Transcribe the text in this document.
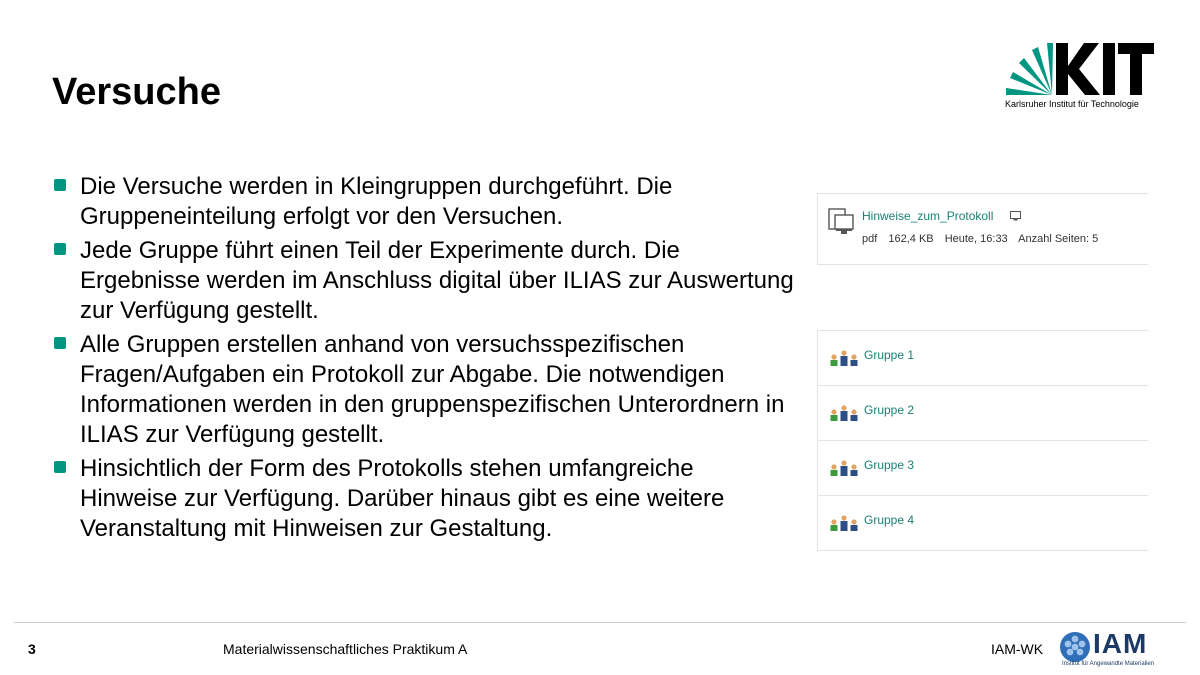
Versuche	Karlsruher Institut für Technologie
Die Versuche werden in Kleingruppen durchgeführt. Die Gruppeneinteilung erfolgt vor den Versuchen.
Jede Gruppe führt einen Teil der Experimente durch. Die Ergebnisse werden im Anschluss digital über ILIAS zur Auswertung zur Verfügung gestellt.
Alle Gruppen erstellen anhand von versuchsspezifischen Fragen/Aufgaben ein Protokoll zur Abgabe. Die notwendigen Informationen werden in den gruppenspezifischen Unterordnern in ILIAS zur Verfügung gestellt.
Hinsichtlich der Form des Protokolls stehen umfangreiche Hinweise zur Verfügung. Darüber hinaus gibt es eine weitere Veranstaltung mit Hinweisen zur Gestaltung.
Hinweise_zum_Protokoll
pdf 162,4 KB Heute, 16:33 Anzahl Seiten: 5
Gruppe 1
Gruppe 2
Gruppe 3
Gruppe 4
3	Materialwissenschaftliches Praktikum A	IAM-WK IAM
Institut für Angewandte Materialien
